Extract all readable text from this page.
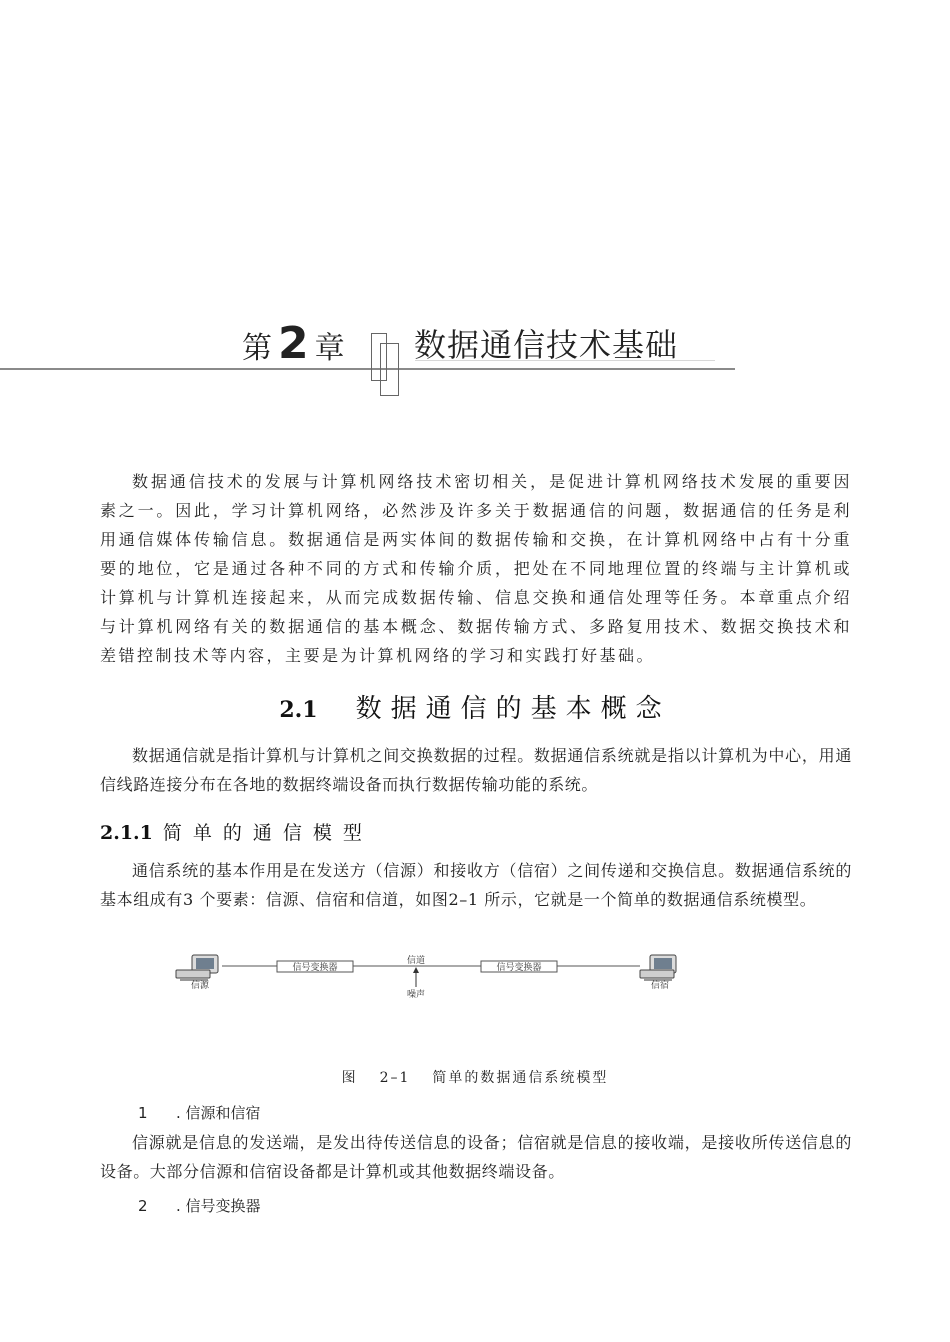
第 2 章 数据通信技术基础

数据通信技术的发展与计算机网络技术密切相关，是促进计算机网络技术发展的重要因素之一。因此，学习计算机网络，必然涉及许多关于数据通信的问题，数据通信的任务是利用通信媒体传输信息。数据通信是两实体间的数据传输和交换，在计算机网络中占有十分重要的地位，它是通过各种不同的方式和传输介质，把处在不同地理位置的终端与主计算机或计算机与计算机连接起来，从而完成数据传输、信息交换和通信处理等任务。本章重点介绍与计算机网络有关的数据通信的基本概念、数据传输方式、多路复用技术、数据交换技术和差错控制技术等内容，主要是为计算机网络的学习和实践打好基础。

2.1 数据通信的基本概念

数据通信就是指计算机与计算机之间交换数据的过程。数据通信系统就是指以计算机为中心，用通信线路连接分布在各地的数据终端设备而执行数据传输功能的系统。

2.1.1 简单的通信模型

通信系统的基本作用是在发送方（信源）和接收方（信宿）之间传递和交换信息。数据通信系统的基本组成有3 个要素：信源、信宿和信道，如图2–1 所示，它就是一个简单的数据通信系统模型。

信源
信号变换器
信道
噪声
信号变换器
信宿
图 2–1 简单的数据通信系统模型
1 . 信源和信宿

信源就是信息的发送端，是发出待传送信息的设备；信宿就是信息的接收端，是接收所传送信息的设备。大部分信源和信宿设备都是计算机或其他数据终端设备。

2 . 信号变换器
